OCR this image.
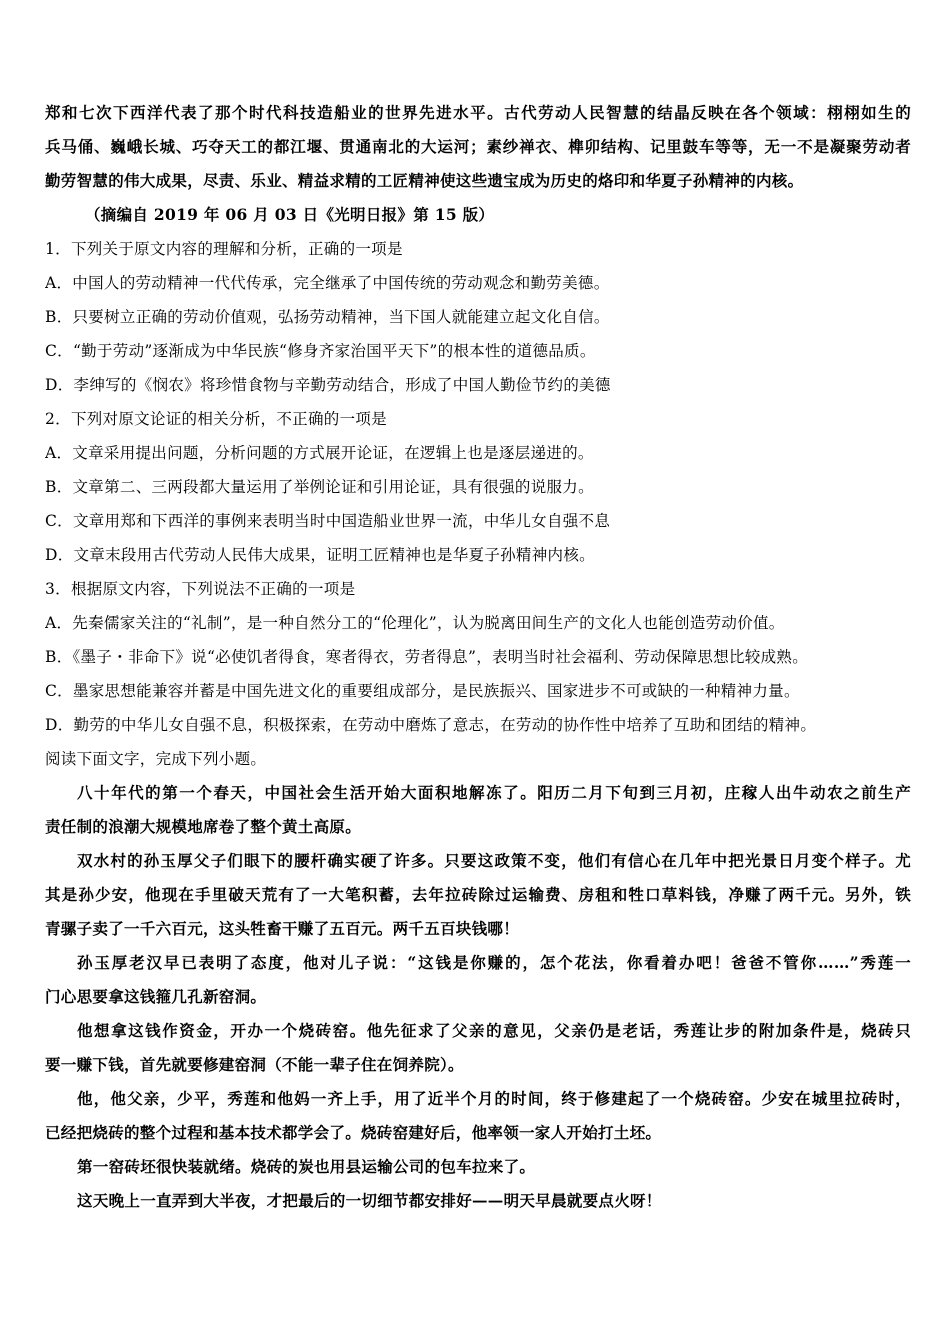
郑和七次下西洋代表了那个时代科技造船业的世界先进水平。古代劳动人民智慧的结晶反映在各个领域：栩栩如生的
兵马俑、巍峨长城、巧夺天工的都江堰、贯通南北的大运河；素纱禅衣、榫卯结构、记里鼓车等等，无一不是凝聚劳动者
勤劳智慧的伟大成果，尽责、乐业、精益求精的工匠精神使这些遗宝成为历史的烙印和华夏子孙精神的内核。
（摘编自 2019 年 06 月 03 日《光明日报》第 15 版）
1．下列关于原文内容的理解和分析，正确的一项是
A．中国人的劳动精神一代代传承，完全继承了中国传统的劳动观念和勤劳美德。
B．只要树立正确的劳动价值观，弘扬劳动精神，当下国人就能建立起文化自信。
C．“勤于劳动”逐渐成为中华民族“修身齐家治国平天下”的根本性的道德品质。
D．李绅写的《悯农》将珍惜食物与辛勤劳动结合，形成了中国人勤俭节约的美德
2．下列对原文论证的相关分析，不正确的一项是
A．文章采用提出问题，分析问题的方式展开论证，在逻辑上也是逐层递进的。
B．文章第二、三两段都大量运用了举例论证和引用论证，具有很强的说服力。
C．文章用郑和下西洋的事例来表明当时中国造船业世界一流，中华儿女自强不息
D．文章末段用古代劳动人民伟大成果，证明工匠精神也是华夏子孙精神内核。
3．根据原文内容，下列说法不正确的一项是
A．先秦儒家关注的“礼制”，是一种自然分工的“伦理化”，认为脱离田间生产的文化人也能创造劳动价值。
B．《墨子・非命下》说“必使饥者得食，寒者得衣，劳者得息”，表明当时社会福利、劳动保障思想比较成熟。
C．墨家思想能兼容并蓄是中国先进文化的重要组成部分，是民族振兴、国家进步不可或缺的一种精神力量。
D．勤劳的中华儿女自强不息，积极探索，在劳动中磨炼了意志，在劳动的协作性中培养了互助和团结的精神。
阅读下面文字，完成下列小题。
八十年代的第一个春天，中国社会生活开始大面积地解冻了。阳历二月下旬到三月初，庄稼人出牛动农之前生产
责任制的浪潮大规模地席卷了整个黄土高原。
双水村的孙玉厚父子们眼下的腰杆确实硬了许多。只要这政策不变，他们有信心在几年中把光景日月变个样子。尤
其是孙少安，他现在手里破天荒有了一大笔积蓄，去年拉砖除过运输费、房租和牲口草料钱，净赚了两千元。另外，铁
青骡子卖了一千六百元，这头牲畜干赚了五百元。两千五百块钱哪！
孙玉厚老汉早已表明了态度，他对儿子说：“这钱是你赚的，怎个花法，你看着办吧！爸爸不管你……”秀莲一
门心思要拿这钱箍几孔新窑洞。
他想拿这钱作资金，开办一个烧砖窑。他先征求了父亲的意见，父亲仍是老话，秀莲让步的附加条件是，烧砖只
要一赚下钱，首先就要修建窑洞（不能一辈子住在饲养院）。
他，他父亲，少平，秀莲和他妈一齐上手，用了近半个月的时间，终于修建起了一个烧砖窑。少安在城里拉砖时，
已经把烧砖的整个过程和基本技术都学会了。烧砖窑建好后，他率领一家人开始打土坯。
第一窑砖坯很快装就绪。烧砖的炭也用县运输公司的包车拉来了。
这天晚上一直弄到大半夜，才把最后的一切细节都安排好——明天早晨就要点火呀！
